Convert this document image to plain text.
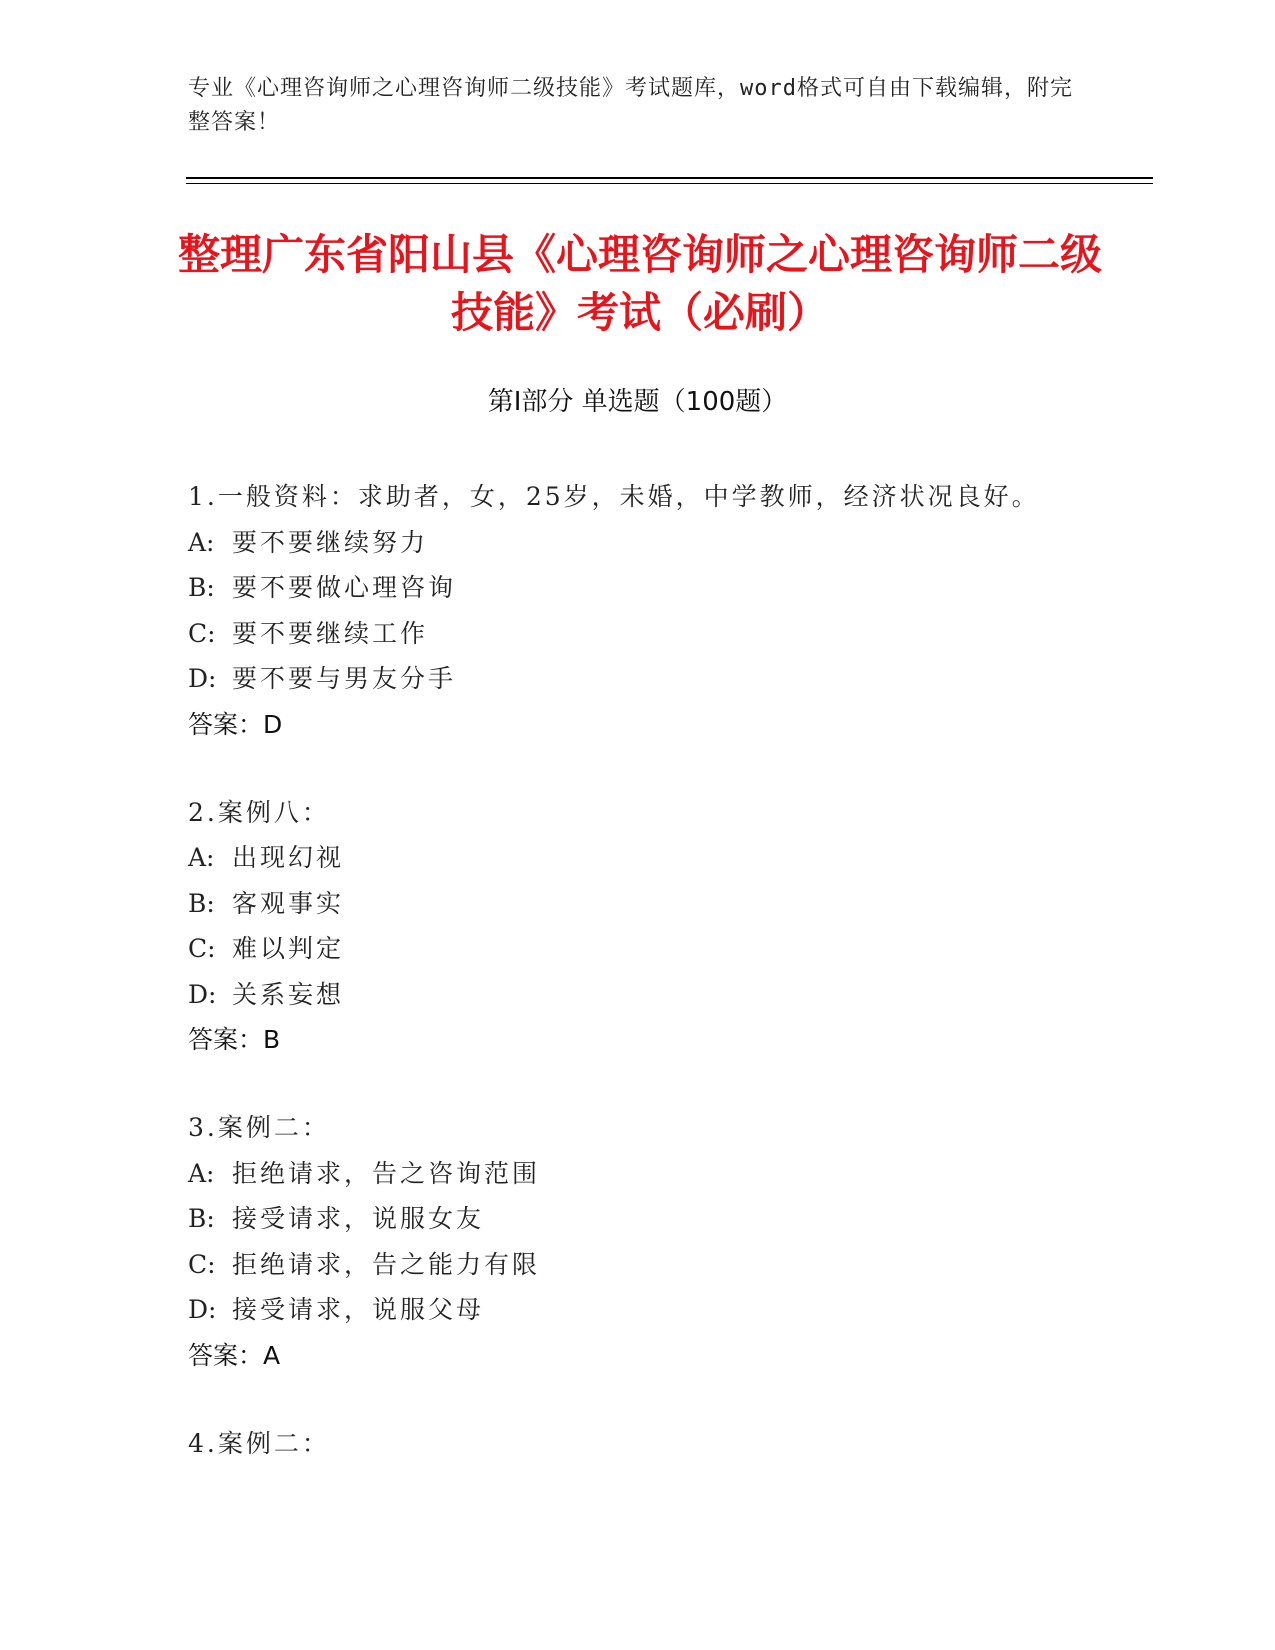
专业《心理咨询师之心理咨询师二级技能》考试题库，word格式可自由下载编辑，附完整答案！
整理广东省阳山县《心理咨询师之心理咨询师二级技能》考试（必刷）
第Ⅰ部分 单选题（100题）
1.一般资料：求助者，女，25岁，未婚，中学教师，经济状况良好。
A: 要不要继续努力
B: 要不要做心理咨询
C: 要不要继续工作
D: 要不要与男友分手
答案：D
2.案例八：
A: 出现幻视
B: 客观事实
C: 难以判定
D: 关系妄想
答案：B
3.案例二：
A: 拒绝请求，告之咨询范围
B: 接受请求，说服女友
C: 拒绝请求，告之能力有限
D: 接受请求，说服父母
答案：A
4.案例二：
